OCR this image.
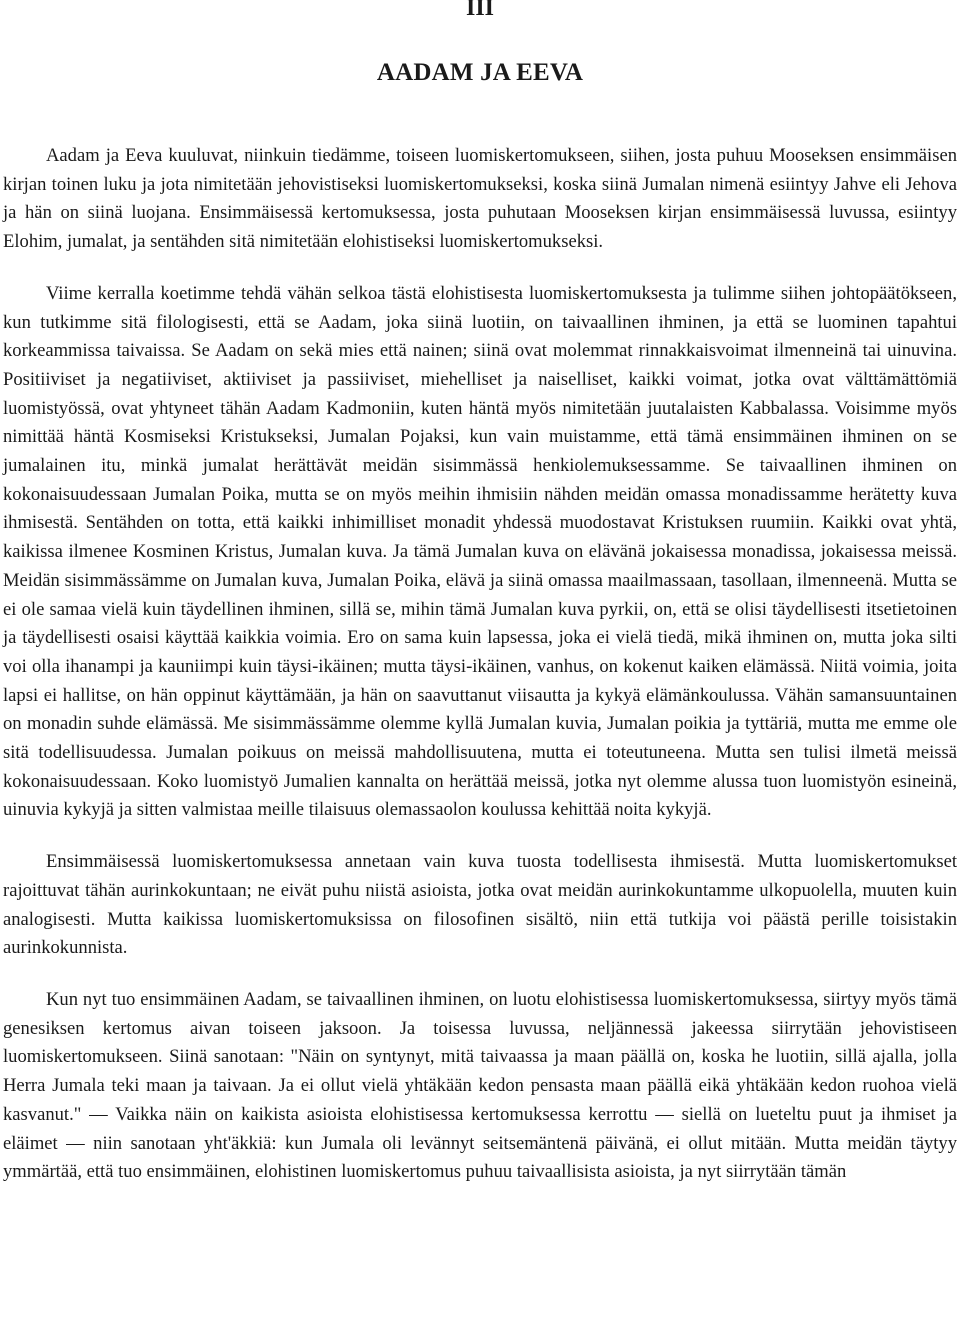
III
AADAM JA EEVA

Aadam ja Eeva kuuluvat, niinkuin tiedämme, toiseen luomiskertomukseen, siihen, josta puhuu Mooseksen ensimmäisen kirjan toinen luku ja jota nimitetään jehovistiseksi luomiskertomukseksi, koska siinä Jumalan nimenä esiintyy Jahve eli Jehova ja hän on siinä luojana. Ensimmäisessä kertomuksessa, josta puhutaan Mooseksen kirjan ensimmäisessä luvussa, esiintyy Elohim, jumalat, ja sentähden sitä nimitetään elohistiseksi luomiskertomukseksi.

Viime kerralla koetimme tehdä vähän selkoa tästä elohistisesta luomiskertomuksesta ja tulimme siihen johtopäätökseen, kun tutkimme sitä filologisesti, että se Aadam, joka siinä luotiin, on taivaallinen ihminen, ja että se luominen tapahtui korkeammissa taivaissa. Se Aadam on sekä mies että nainen; siinä ovat molemmat rinnakkaisvoimat ilmenneinä tai uinuvina. Positiiviset ja negatiiviset, aktiiviset ja passiiviset, miehelliset ja naiselliset, kaikki voimat, jotka ovat välttämättömiä luomistyössä, ovat yhtyneet tähän Aadam Kadmoniin, kuten häntä myös nimitetään juutalaisten Kabbalassa. Voisimme myös nimittää häntä Kosmiseksi Kristukseksi, Jumalan Pojaksi, kun vain muistamme, että tämä ensimmäinen ihminen on se jumalainen itu, minkä jumalat herättävät meidän sisimmässä henkiolemuksessamme. Se taivaallinen ihminen on kokonaisuudessaan Jumalan Poika, mutta se on myös meihin ihmisiin nähden meidän omassa monadissamme herätetty kuva ihmisestä. Sentähden on totta, että kaikki inhimilliset monadit yhdessä muodostavat Kristuksen ruumiin. Kaikki ovat yhtä, kaikissa ilmenee Kosminen Kristus, Jumalan kuva. Ja tämä Jumalan kuva on elävänä jokaisessa monadissa, jokaisessa meissä. Meidän sisimmässämme on Jumalan kuva, Jumalan Poika, elävä ja siinä omassa maailmassaan, tasollaan, ilmenneenä. Mutta se ei ole samaa vielä kuin täydellinen ihminen, sillä se, mihin tämä Jumalan kuva pyrkii, on, että se olisi täydellisesti itsetietoinen ja täydellisesti osaisi käyttää kaikkia voimia. Ero on sama kuin lapsessa, joka ei vielä tiedä, mikä ihminen on, mutta joka silti voi olla ihanampi ja kauniimpi kuin täysi-ikäinen; mutta täysi-ikäinen, vanhus, on kokenut kaiken elämässä. Niitä voimia, joita lapsi ei hallitse, on hän oppinut käyttämään, ja hän on saavuttanut viisautta ja kykyä elämänkoulussa. Vähän samansuuntainen on monadin suhde elämässä. Me sisimmässämme olemme kyllä Jumalan kuvia, Jumalan poikia ja tyttäriä, mutta me emme ole sitä todellisuudessa. Jumalan poikuus on meissä mahdollisuutena, mutta ei toteutuneena. Mutta sen tulisi ilmetä meissä kokonaisuudessaan. Koko luomistyö Jumalien kannalta on herättää meissä, jotka nyt olemme alussa tuon luomistyön esineinä, uinuvia kykyjä ja sitten valmistaa meille tilaisuus olemassaolon koulussa kehittää noita kykyjä.

Ensimmäisessä luomiskertomuksessa annetaan vain kuva tuosta todellisesta ihmisestä. Mutta luomiskertomukset rajoittuvat tähän aurinkokuntaan; ne eivät puhu niistä asioista, jotka ovat meidän aurinkokuntamme ulkopuolella, muuten kuin analogisesti. Mutta kaikissa luomiskertomuksissa on filosofinen sisältö, niin että tutkija voi päästä perille toisistakin aurinkokunnista.

Kun nyt tuo ensimmäinen Aadam, se taivaallinen ihminen, on luotu elohistisessa luomiskertomuksessa, siirtyy myös tämä genesiksen kertomus aivan toiseen jaksoon. Ja toisessa luvussa, neljännessä jakeessa siirrytään jehovistiseen luomiskertomukseen. Siinä sanotaan: "Näin on syntynyt, mitä taivaassa ja maan päällä on, koska he luotiin, sillä ajalla, jolla Herra Jumala teki maan ja taivaan. Ja ei ollut vielä yhtäkään kedon pensasta maan päällä eikä yhtäkään kedon ruohoa vielä kasvanut." — Vaikka näin on kaikista asioista elohistisessa kertomuksessa kerrottu — siellä on lueteltu puut ja ihmiset ja eläimet — niin sanotaan yht'äkkiä: kun Jumala oli levännyt seitsemäntenä päivänä, ei ollut mitään. Mutta meidän täytyy ymmärtää, että tuo ensimmäinen, elohistinen luomiskertomus puhuu taivaallisista asioista, ja nyt siirrytään tämän
